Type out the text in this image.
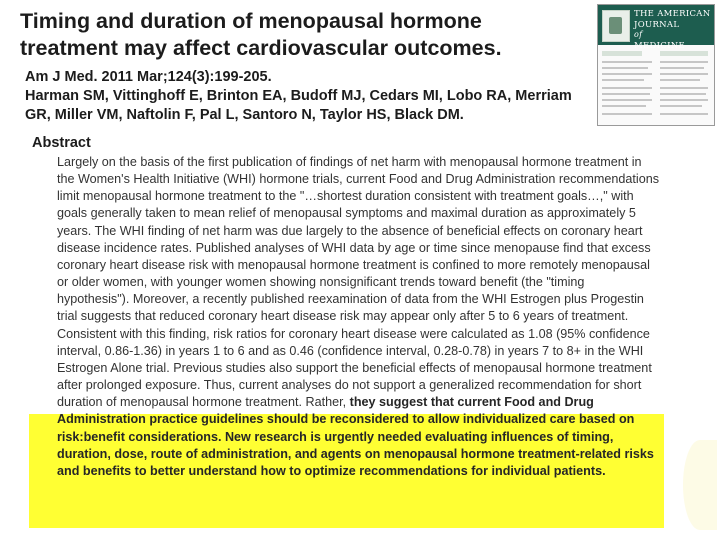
Timing and duration of menopausal hormone treatment may affect cardiovascular outcomes.
Am J Med. 2011 Mar;124(3):199-205.
Harman SM, Vittinghoff E, Brinton EA, Budoff MJ, Cedars MI, Lobo RA, Merriam GR, Miller VM, Naftolin F, Pal L, Santoro N, Taylor HS, Black DM.
THE AMERICAN
JOURNAL
of
MEDICINE
Abstract

Largely on the basis of the first publication of findings of net harm with menopausal hormone treatment in the Women's Health Initiative (WHI) hormone trials, current Food and Drug Administration recommendations limit menopausal hormone treatment to the "…shortest duration consistent with treatment goals…," with goals generally taken to mean relief of menopausal symptoms and maximal duration as approximately 5 years. The WHI finding of net harm was due largely to the absence of beneficial effects on coronary heart disease incidence rates. Published analyses of WHI data by age or time since menopause find that excess coronary heart disease risk with menopausal hormone treatment is confined to more remotely menopausal or older women, with younger women showing nonsignificant trends toward benefit (the "timing hypothesis"). Moreover, a recently published reexamination of data from the WHI Estrogen plus Progestin trial suggests that reduced coronary heart disease risk may appear only after 5 to 6 years of treatment. Consistent with this finding, risk ratios for coronary heart disease were calculated as 1.08 (95% confidence interval, 0.86-1.36) in years 1 to 6 and as 0.46 (confidence interval, 0.28-0.78) in years 7 to 8+ in the WHI Estrogen Alone trial. Previous studies also support the beneficial effects of menopausal hormone treatment after prolonged exposure. Thus, current analyses do not support a generalized recommendation for short duration of menopausal hormone treatment. Rather, they suggest that current Food and Drug Administration practice guidelines should be reconsidered to allow individualized care based on risk:benefit considerations. New research is urgently needed evaluating influences of timing, duration, dose, route of administration, and agents on menopausal hormone treatment-related risks and benefits to better understand how to optimize recommendations for individual patients.
